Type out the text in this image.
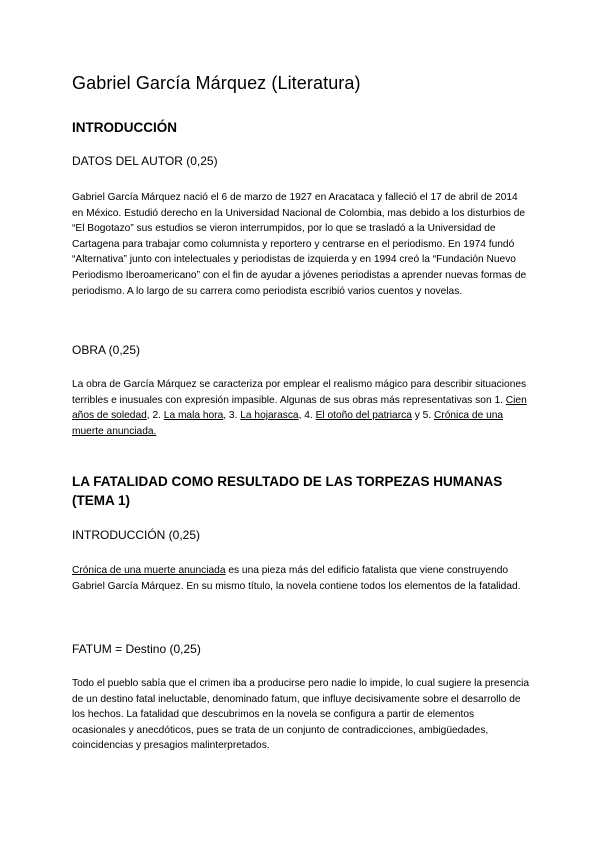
Gabriel García Márquez (Literatura)
INTRODUCCIÓN
DATOS DEL AUTOR (0,25)

Gabriel García Márquez nació el 6 de marzo de 1927 en Aracataca y falleció el 17 de abril de 2014 en México. Estudió derecho en la Universidad Nacional de Colombia, mas debido a los disturbios de “El Bogotazo” sus estudios se vieron interrumpidos, por lo que se trasladó a la Universidad de Cartagena para trabajar como columnista y reportero y centrarse en el periodismo. En 1974 fundó “Alternativa” junto con intelectuales y periodistas de izquierda y en 1994 creó la “Fundación Nuevo Periodismo Iberoamericano” con el fin de ayudar a jóvenes periodistas a aprender nuevas formas de periodismo. A lo largo de su carrera como periodista escribió varios cuentos y novelas.

OBRA (0,25)

La obra de García Márquez se caracteriza por emplear el realismo mágico para describir situaciones terribles e inusuales con expresión impasible. Algunas de sus obras más representativas son 1. Cien años de soledad, 2. La mala hora, 3. La hojarasca, 4. El otoño del patriarca y 5. Crónica de una muerte anunciada.

LA FATALIDAD COMO RESULTADO DE LAS TORPEZAS HUMANAS (TEMA 1)
INTRODUCCIÓN (0,25)

Crónica de una muerte anunciada es una pieza más del edificio fatalista que viene construyendo Gabriel García Márquez. En su mismo título, la novela contiene todos los elementos de la fatalidad.

FATUM = Destino (0,25)

Todo el pueblo sabía que el crimen iba a producirse pero nadie lo impide, lo cual sugiere la presencia de un destino fatal ineluctable, denominado fatum, que influye decisivamente sobre el desarrollo de los hechos. La fatalidad que descubrimos en la novela se configura a partir de elementos ocasionales y anecdóticos, pues se trata de un conjunto de contradicciones, ambigüedades, coincidencias y presagios malinterpretados.
